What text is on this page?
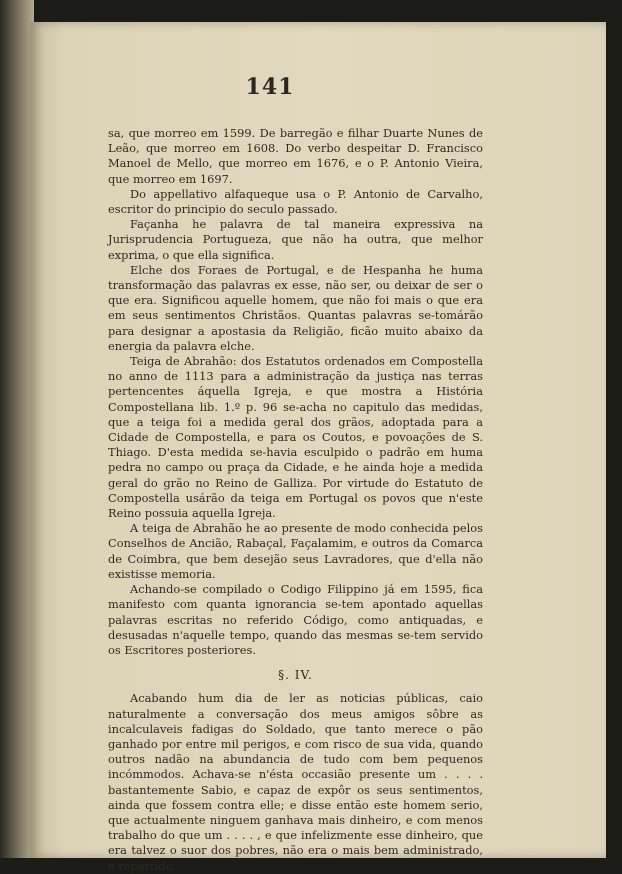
141

sa, que morreo em 1599. De barregão e filhar Duarte Nunes de Leão, que morreo em 1608. Do verbo despeitar D. Francisco Manoel de Mello, que morreo em 1676, e o P. Antonio Vieira, que morreo em 1697.

Do appellativo alfaqueque usa o P. Antonio de Carvalho, escritor do principio do seculo passado.

Façanha he palavra de tal maneira expressiva na Jurisprudencia Portugueza, que não ha outra, que melhor exprima, o que ella significa.

Elche dos Foraes de Portugal, e de Hespanha he huma transformação das palavras ex esse, não ser, ou deixar de ser o que era. Significou aquelle homem, que não foi mais o que era em seus sentimentos Christãos. Quantas palavras se-tomárão para designar a apostasia da Religião, ficão muito abaixo da energia da palavra elche.

Teiga de Abrahão: dos Estatutos ordenados em Compostella no anno de 1113 para a administração da justiça nas terras pertencentes áquella Igreja, e que mostra a História Compostellana lib. 1.º p. 96 se-acha no capitulo das medidas, que a teiga foi a medida geral dos grãos, adoptada para a Cidade de Compostella, e para os Coutos, e povoações de S. Thiago. D'esta medida se-havia esculpido o padrão em huma pedra no campo ou praça da Cidade, e he ainda hoje a medida geral do grão no Reino de Galliza. Por virtude do Estatuto de Compostella usárão da teiga em Portugal os povos que n'este Reino possuia aquella Igreja.

A teiga de Abrahão he ao presente de modo conhecida pelos Conselhos de Ancião, Rabaçal, Façalamim, e outros da Comarca de Coimbra, que bem desejão seus Lavradores, que d'ella não existisse memoria.

Achando-se compilado o Codigo Filippino já em 1595, fica manifesto com quanta ignorancia se-tem apontado aquellas palavras escritas no referido Código, como antiquadas, e desusadas n'aquelle tempo, quando das mesmas se-tem servido os Escritores posteriores.

§. IV.

Acabando hum dia de ler as noticias públicas, caio naturalmente a conversação dos meus amigos sôbre as incalculaveis fadigas do Soldado, que tanto merece o pão ganhado por entre mil perigos, e com risco de sua vida, quando outros nadão na abundancia de tudo com bem pequenos incómmodos. Achava-se n'ésta occasião presente um . . . . bastantemente Sabio, e capaz de expôr os seus sentimentos, ainda que fossem contra elle; e disse então este homem serio, que actualmente ninguem ganhava mais dinheiro, e com menos trabalho do que um . . . . , e que infelizmente esse dinheiro, que era talvez o suor dos pobres, não era o mais bem administrado, e repartido.
